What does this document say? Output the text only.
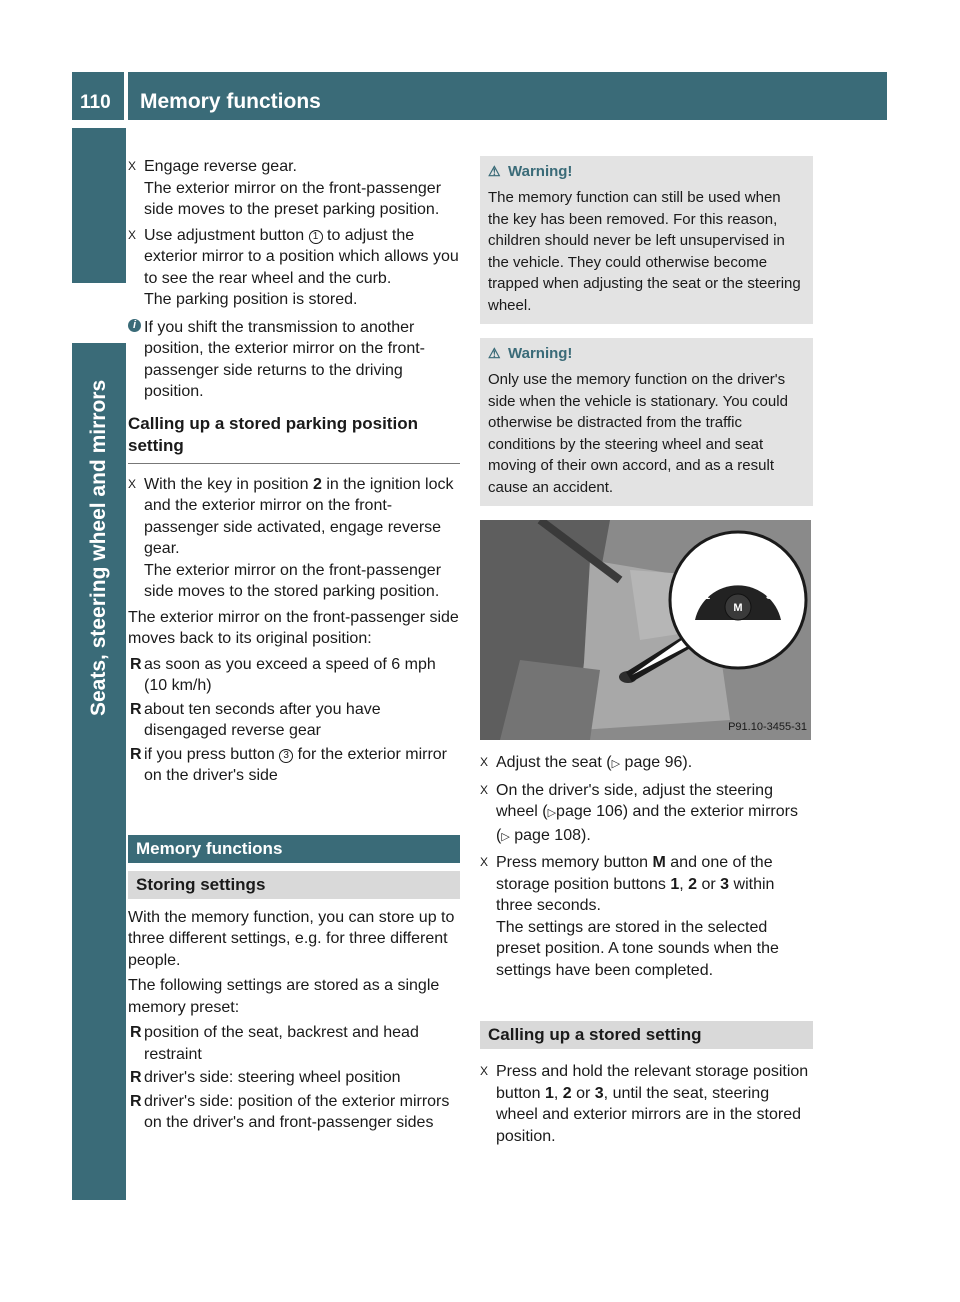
110 Memory functions
Seats, steering wheel and mirrors
X Engage reverse gear.
The exterior mirror on the front-passenger side moves to the preset parking position.
X Use adjustment button 1 to adjust the exterior mirror to a position which allows you to see the rear wheel and the curb.
The parking position is stored.
i If you shift the transmission to another position, the exterior mirror on the front-passenger side returns to the driving position.
Calling up a stored parking position setting
X With the key in position 2 in the ignition lock and the exterior mirror on the front-passenger side activated, engage reverse gear.
The exterior mirror on the front-passenger side moves to the stored parking position.
The exterior mirror on the front-passenger side moves back to its original position:
R as soon as you exceed a speed of 6 mph (10 km/h)
R about ten seconds after you have disengaged reverse gear
R if you press button 3 for the exterior mirror on the driver's side
Memory functions
Storing settings
With the memory function, you can store up to three different settings, e.g. for three different people.
The following settings are stored as a single memory preset:
R position of the seat, backrest and head restraint
R driver's side: steering wheel position
R driver's side: position of the exterior mirrors on the driver's and front-passenger sides
⚠ Warning!
The memory function can still be used when the key has been removed. For this reason, children should never be left unsupervised in the vehicle. They could otherwise become trapped when adjusting the seat or the steering wheel.
⚠ Warning!
Only use the memory function on the driver's side when the vehicle is stationary. You could otherwise be distracted from the traffic conditions by the steering wheel and seat moving of their own accord, and as a result cause an accident.
2
1	3
M
P91.10-3455-31
X Adjust the seat (▷ page 96).
X On the driver's side, adjust the steering wheel (▷page 106) and the exterior mirrors (▷ page 108).
X Press memory button M and one of the storage position buttons 1, 2 or 3 within three seconds.
The settings are stored in the selected preset position. A tone sounds when the settings have been completed.
Calling up a stored setting
X Press and hold the relevant storage position button 1, 2 or 3, until the seat, steering wheel and exterior mirrors are in the stored position.
